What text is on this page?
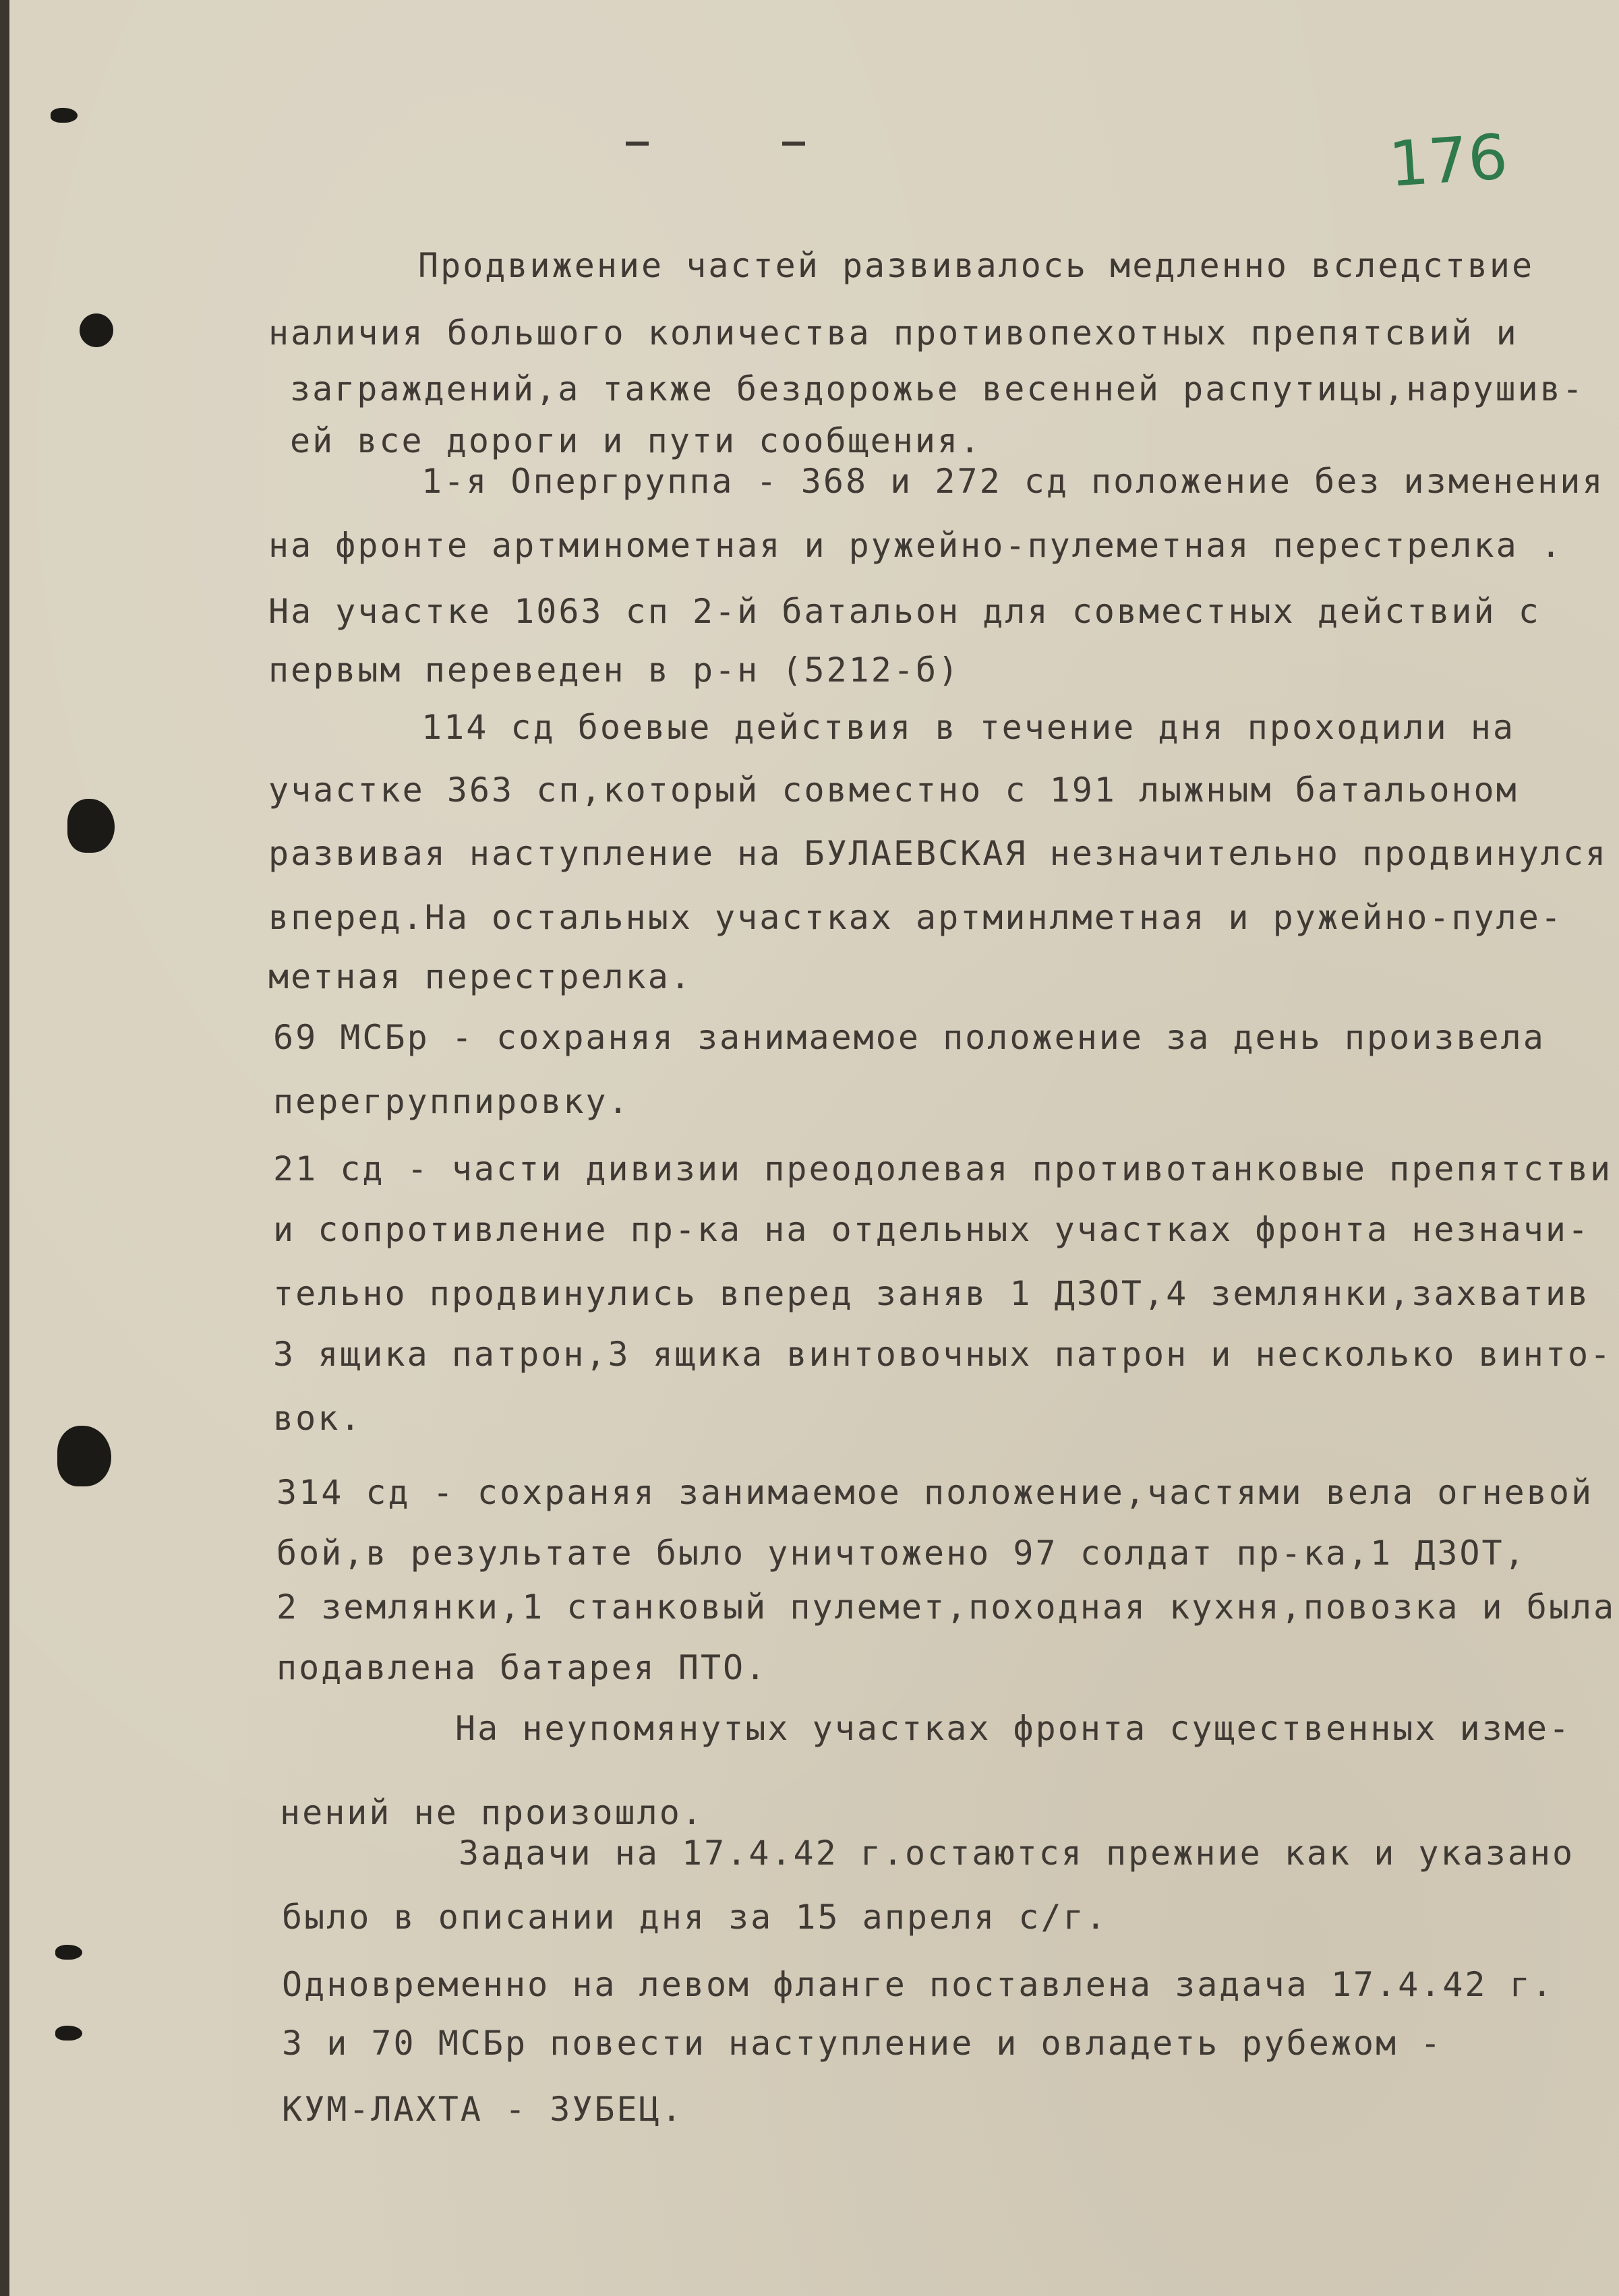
176
Продвижение частей развивалось медленно вследствие
наличия большого количества противопехотных препятсвий и
заграждений,а также бездорожье весенней распутицы,нарушив-
ей все дороги и пути сообщения.
1-я Опергруппа - 368 и 272 сд положение без изменения
на фронте артминометная и ружейно-пулеметная перестрелка .
На участке 1063 сп 2-й батальон для совместных действий с
первым переведен в р-н (5212-б)
114 сд боевые действия в течение дня проходили на
участке 363 сп,который совместно с 191 лыжным батальоном
развивая наступление на БУЛАЕВСКАЯ незначительно продвинулся
вперед.На остальных участках артминлметная и ружейно-пуле-
метная перестрелка.
69 МСБр - сохраняя занимаемое положение за день произвела
перегруппировку.
21 сд - части дивизии преодолевая противотанковые препятстви
и сопротивление пр-ка на отдельных участках фронта незначи-
тельно продвинулись вперед заняв 1 ДЗОТ,4 землянки,захватив
3 ящика патрон,3 ящика винтовочных патрон и несколько винто-
вок.
314 сд - сохраняя занимаемое положение,частями вела огневой
бой,в результате было уничтожено 97 солдат пр-ка,1 ДЗОТ,
2 землянки,1 станковый пулемет,походная кухня,повозка и была
подавлена батарея ПТО.
На неупомянутых участках фронта существенных изме-
нений не произошло.
Задачи на 17.4.42 г.остаются прежние как и указано
было в описании дня за 15 апреля с/г.
Одновременно на левом фланге поставлена задача 17.4.42 г.
3 и 70 МСБр повести наступление и овладеть рубежом -
КУМ-ЛАХТА - ЗУБЕЦ.
